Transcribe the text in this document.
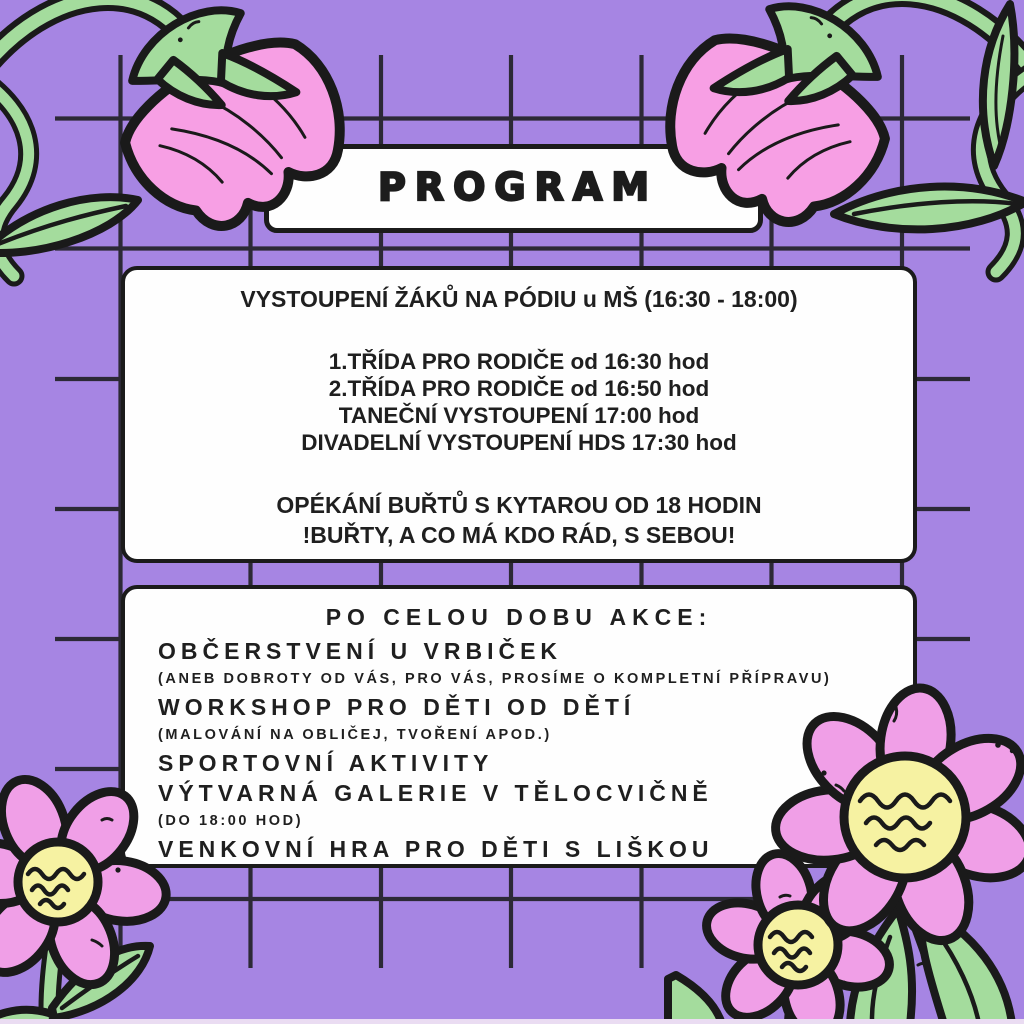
PROGRAM
VYSTOUPENÍ ŽÁKŮ NA PÓDIU u MŠ (16:30 - 18:00)
1.TŘÍDA PRO RODIČE od 16:30 hod
2.TŘÍDA PRO RODIČE od 16:50 hod
TANEČNÍ VYSTOUPENÍ 17:00 hod
DIVADELNÍ VYSTOUPENÍ HDS 17:30 hod
OPÉKÁNÍ BUŘTŮ S KYTAROU OD 18 HODIN
!BUŘTY, A CO MÁ KDO RÁD, S SEBOU!
PO CELOU DOBU AKCE:
OBČERSTVENÍ U VRBIČEK
(ANEB DOBROTY OD VÁS, PRO VÁS, PROSÍME O KOMPLETNÍ PŘÍPRAVU)
WORKSHOP PRO DĚTI OD DĚTÍ
(MALOVÁNÍ NA OBLIČEJ, TVOŘENÍ APOD.)
SPORTOVNÍ AKTIVITY
VÝTVARNÁ GALERIE V TĚLOCVIČNĚ
(DO 18:00 HOD)
VENKOVNÍ HRA PRO DĚTI S LIŠKOU
